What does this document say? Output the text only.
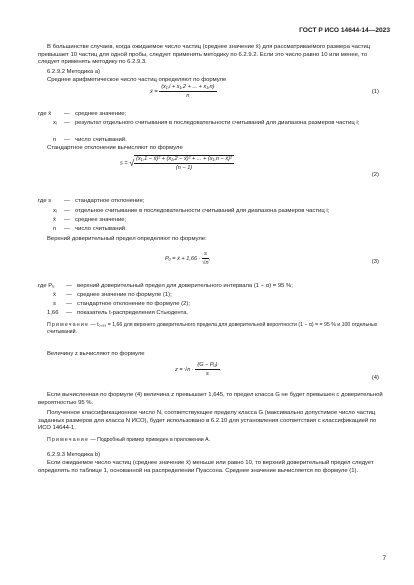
ГОСТ Р ИСО 14644-14—2023
В большинстве случаев, когда ожидаемое число частиц (среднее значение x̄) для рассматриваемого размера частиц превышает 10 частиц для одной пробы, следует применять методику по 6.2.9.2. Если это число равно 10 или менее, то следует применять методику по 6.2.9.3.
6.2.9.2 Методика a)
Среднее арифметическое число частиц определяют по формуле
x̄ = $\frac{\text{(x₁,i + x₁,2 + ... + x₁,n)}}{n}$	(1)
где x̄ — среднее значение;
xᵢ — результат отдельного считывания в последовательности считываний для диапазона размеров частиц i;
n — число считываний.
Стандартное отклонение вычисляют по формуле
s = √ $\frac{\text{(x₁,1 − x̄)² + (x₁,2 − x̄)² + ... + (x₁,n − x̄)²}}{(n - 1)}$
(2)
где s — стандартное отклонение;
xᵢ — отдельное считывание в последовательности считываний для диапазона размеров частиц i;
x̄ — среднее значение;
n — число считываний.
Верхний доверительный предел определяют по формуле:
Pᵤ = x̄ + $1,66 \cdot \frac{s}{√n}$ ,
(3)
где Pᵤ — верхний доверительный предел для доверительного интервала (1 − α) = 95 %;
x̄ — среднее значение по формуле (1);
s — стандартное отклонение по формуле (2);
1,66 — показатель t-распределения Стьюдента.
Примечание — t₀,₉₅ = 1,66 для верхнего доверительного предела для доверительной вероятности (1 − α) = = 95 % и 100 отдельных считываний.
Величину z вычисляют по формуле
$z = √n \cdot \frac{\text{(G − Pᵤ)}}{s}$ .
(4)
Если вычисленная по формуле (4) величина z превышает 1,645, то предел класса G не будет превышен с доверительной вероятностью 95 %.
Полученное классификационное число N, соответствующее пределу класса G (максимально допустимое число частиц заданных размеров для класса N ИСО), будет использовано в 6.2.10 для установления соответствия с классификацией по ИСО 14644-1.
Примечание — Подробный пример приведен в приложении А.
6.2.9.3 Методика b)
Если ожидаемое число частиц (среднее значение x̄) меньше или равно 10, то верхний доверительный предел следует определять по таблице 1, основанной на распределении Пуассона. Среднее значение вычисляется по формуле (1).
7
